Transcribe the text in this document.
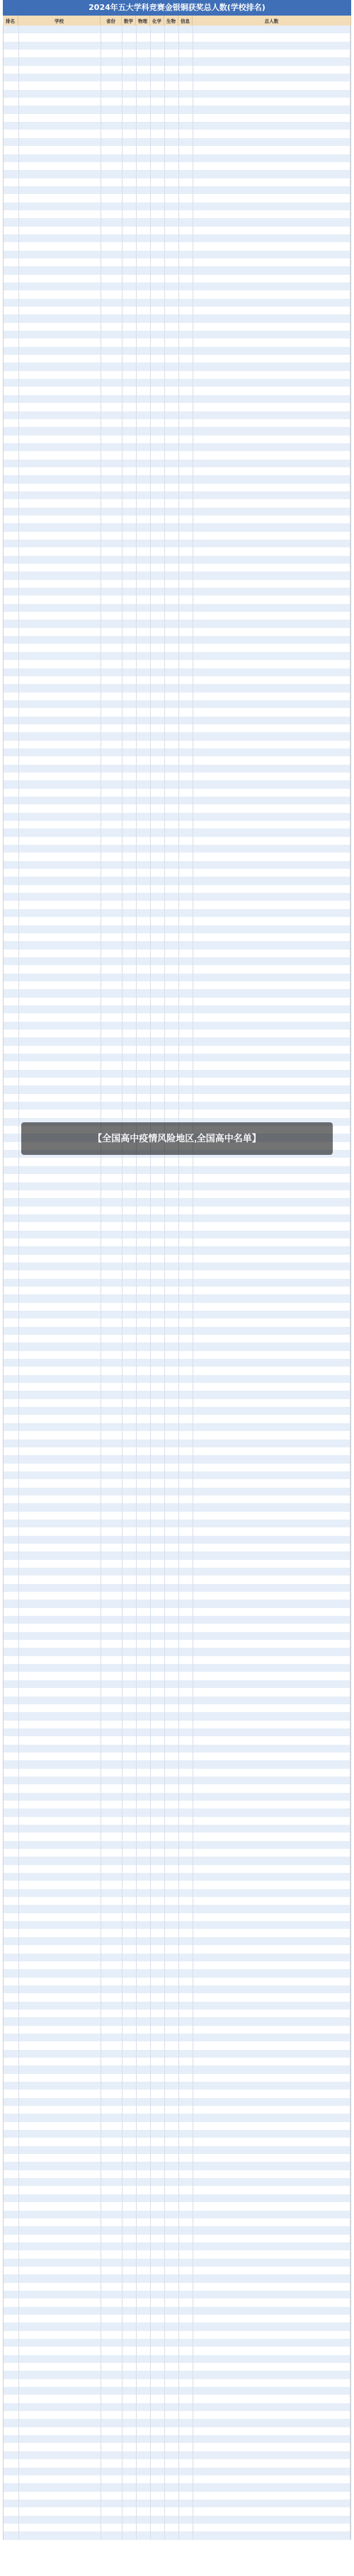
2024年五大学科竞赛金银铜获奖总人数(学校排名)
排名	学校	省份	数学	物理	化学	生物	信息	总人数
【全国高中疫情风险地区,全国高中名单】
